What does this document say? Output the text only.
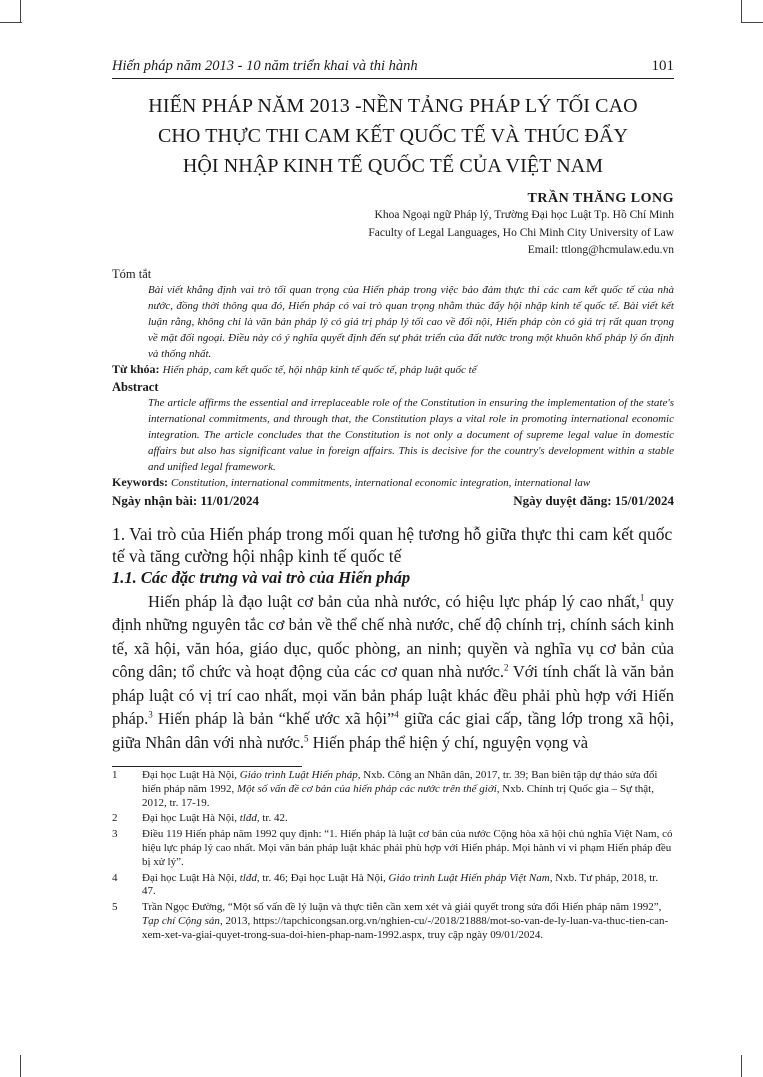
Hiến pháp năm 2013 - 10 năm triển khai và thi hành	101
HIẾN PHÁP NĂM 2013 -NỀN TẢNG PHÁP LÝ TỐI CAO
CHO THỰC THI CAM KẾT QUỐC TẾ VÀ THÚC ĐẨY
HỘI NHẬP KINH TẾ QUỐC TẾ CỦA VIỆT NAM
TRẦN THĂNG LONG
Khoa Ngoại ngữ Pháp lý, Trường Đại học Luật Tp. Hồ Chí Minh
Faculty of Legal Languages, Ho Chi Minh City University of Law
Email: ttlong@hcmulaw.edu.vn
Tóm tắt
Bài viết khẳng định vai trò tối quan trọng của Hiến pháp trong việc bảo đảm thực thi các cam kết quốc tế của nhà nước, đồng thời thông qua đó, Hiến pháp có vai trò quan trọng nhằm thúc đẩy hội nhập kinh tế quốc tế. Bài viết kết luận rằng, không chỉ là văn bản pháp lý có giá trị pháp lý tối cao về đối nội, Hiến pháp còn có giá trị rất quan trọng về mặt đối ngoại. Điều này có ý nghĩa quyết định đến sự phát triển của đất nước trong một khuôn khổ pháp lý ổn định và thống nhất.
Từ khóa: Hiến pháp, cam kết quốc tế, hội nhập kinh tế quốc tế, pháp luật quốc tế
Abstract
The article affirms the essential and irreplaceable role of the Constitution in ensuring the implementation of the state's international commitments, and through that, the Constitution plays a vital role in promoting international economic integration. The article concludes that the Constitution is not only a document of supreme legal value in domestic affairs but also has significant value in foreign affairs. This is decisive for the country's development within a stable and unified legal framework.
Keywords: Constitution, international commitments, international economic integration, international law
Ngày nhận bài: 11/01/2024	Ngày duyệt đăng: 15/01/2024
1. Vai trò của Hiến pháp trong mối quan hệ tương hỗ giữa thực thi cam kết quốc tế và tăng cường hội nhập kinh tế quốc tế
1.1. Các đặc trưng và vai trò của Hiến pháp

Hiến pháp là đạo luật cơ bản của nhà nước, có hiệu lực pháp lý cao nhất,$^1$ quy định những nguyên tắc cơ bản về thể chế nhà nước, chế độ chính trị, chính sách kinh tế, xã hội, văn hóa, giáo dục, quốc phòng, an ninh; quyền và nghĩa vụ cơ bản của công dân; tổ chức và hoạt động của các cơ quan nhà nước.$^2$ Với tính chất là văn bản pháp luật có vị trí cao nhất, mọi văn bản pháp luật khác đều phải phù hợp với Hiến pháp.$^3$ Hiến pháp là bản “khế ước xã hội”$^4$ giữa các giai cấp, tầng lớp trong xã hội, giữa Nhân dân với nhà nước.$^5$ Hiến pháp thể hiện ý chí, nguyện vọng và

1	Đại học Luật Hà Nội, Giáo trình Luật Hiến pháp, Nxb. Công an Nhân dân, 2017, tr. 39; Ban biên tập dự thảo sửa đổi hiến pháp năm 1992, Một số vấn đề cơ bản của hiến pháp các nước trên thế giới, Nxb. Chính trị Quốc gia – Sự thật, 2012, tr. 17-19.
2	Đại học Luật Hà Nội, tlđd, tr. 42.
3	Điều 119 Hiến pháp năm 1992 quy định: “1. Hiến pháp là luật cơ bản của nước Cộng hòa xã hội chủ nghĩa Việt Nam, có hiệu lực pháp lý cao nhất. Mọi văn bản pháp luật khác phải phù hợp với Hiến pháp. Mọi hành vi vi phạm Hiến pháp đều bị xử lý”.
4	Đại học Luật Hà Nội, tlđd, tr. 46; Đại học Luật Hà Nội, Giáo trình Luật Hiến pháp Việt Nam, Nxb. Tư pháp, 2018, tr. 47.
5	Trần Ngọc Đường, “Một số vấn đề lý luận và thực tiễn cần xem xét và giải quyết trong sửa đổi Hiến pháp năm 1992”, Tạp chí Cộng sản, 2013, https://tapchicongsan.org.vn/nghien-cu/-/2018/21888/mot-so-van-de-ly-luan-va-thuc-tien-can-xem-xet-va-giai-quyet-trong-sua-doi-hien-phap-nam-1992.aspx, truy cập ngày 09/01/2024.
